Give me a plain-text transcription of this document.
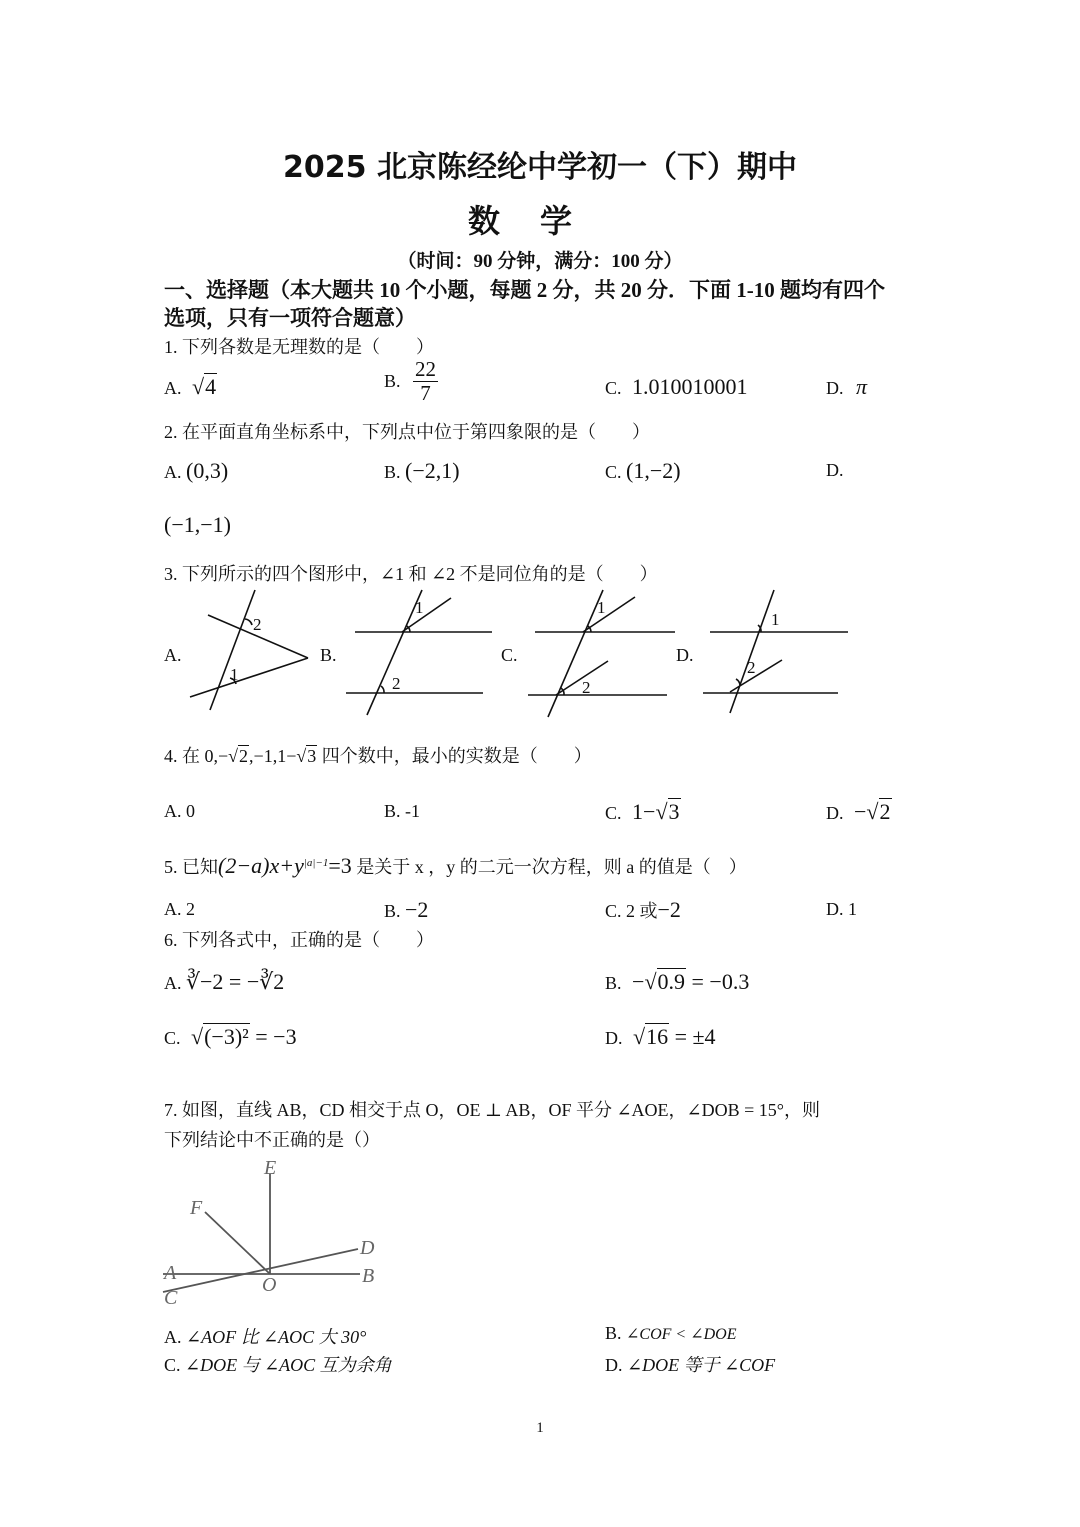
2025 北京陈经纶中学初一（下）期中
数学
（时间：90 分钟，满分：100 分）
一、选择题（本大题共 10 个小题，每题 2 分，共 20 分．下面 1-10 题均有四个
选项，只有一项符合题意）
1. 下列各数是无理数的是（　　）
A. √4	B. $\frac{22}{7}$	C. 1.010010001	D. π
2. 在平面直角坐标系中，下列点中位于第四象限的是（　　）
A. (0,3)	B. (−2,1)	C. (1,−2)	D.
(−1,−1)
3. 下列所示的四个图形中，∠1 和 ∠2 不是同位角的是（　　）
A.	B.	C.	D.
2
1
1
2
1
2
1
2
4. 在 0,−√2,−1,1−√3 四个数中，最小的实数是（　　）
A. 0	B. -1	C. 1−√3	D. −√2
5. 已知$(2-a)x+y^{|a|-1}=3$ 是关于 x ，y 的二元一次方程，则 a 的值是（　）
A. 2	B. −2	C. 2 或−2	D. 1
6. 下列各式中，正确的是（　　）
A. ∛−2 = −∛2	B. −√0.9 = −0.3
C. √(−3)² = −3	D. √16 = ±4
7. 如图，直线 AB，CD 相交于点 O，OE ⊥ AB，OF 平分 ∠AOE，∠DOB = 15°，则
下列结论中不正确的是（）
E
F
D
A
O	B
C
A. ∠AOF 比 ∠AOC 大 30°	B. ∠COF < ∠DOE
C. ∠DOE 与 ∠AOC 互为余角	D. ∠DOE 等于 ∠COF
1
